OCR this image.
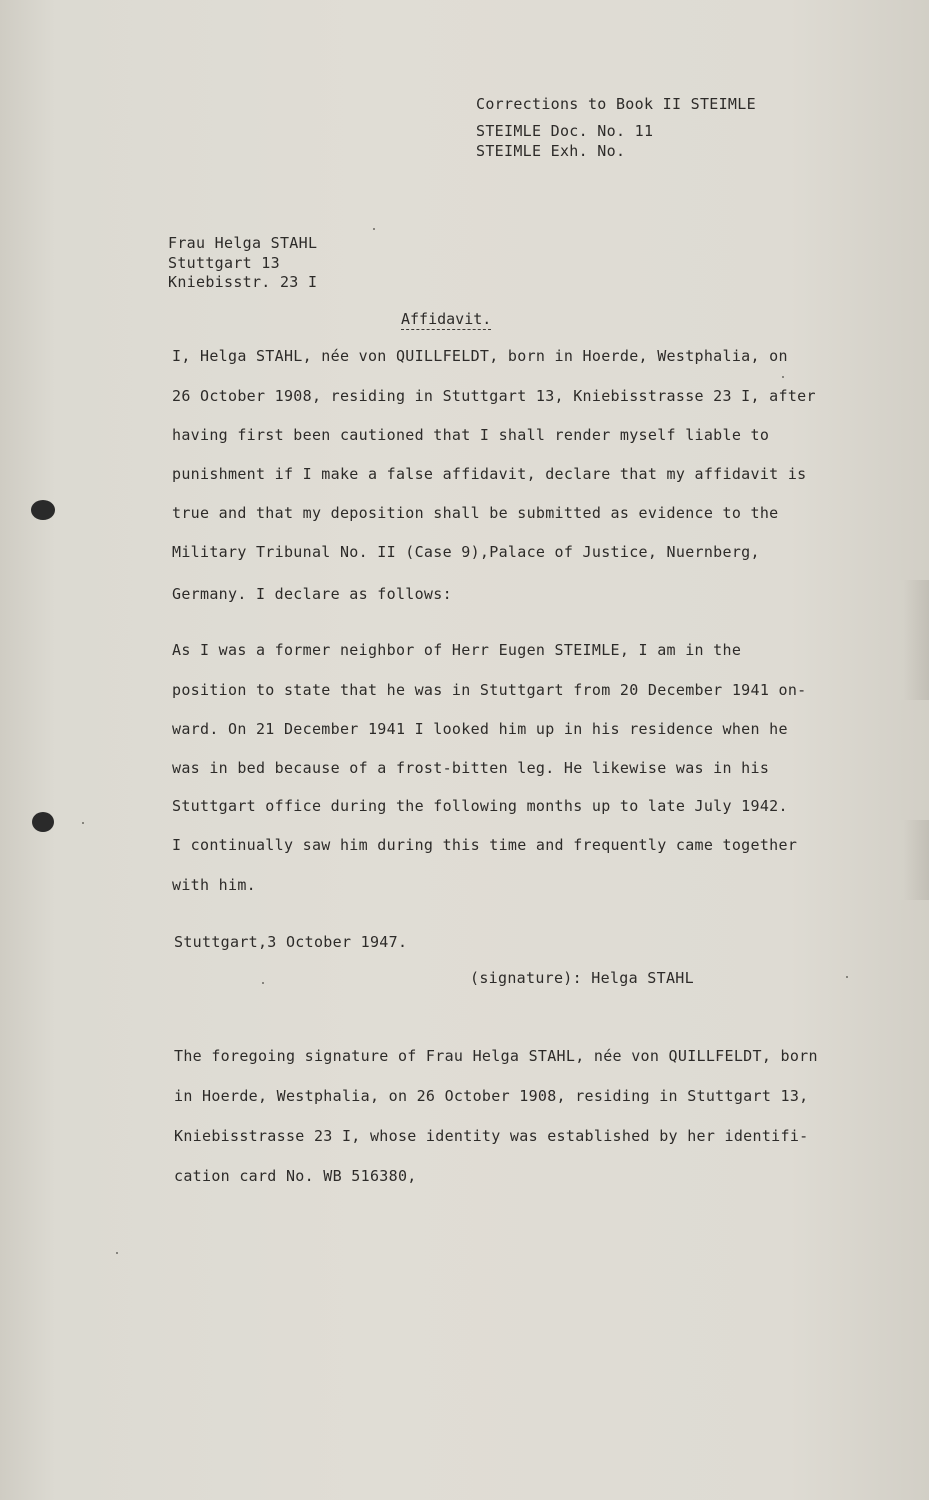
Corrections to Book II STEIMLE
STEIMLE Doc. No. 11
STEIMLE Exh. No.
Frau Helga STAHL
Stuttgart 13
Kniebisstr. 23 I
Affidavit.
I, Helga STAHL, née von QUILLFELDT, born in Hoerde, Westphalia, on
26 October 1908, residing in Stuttgart 13, Kniebisstrasse 23 I, after
having first been cautioned that I shall render myself liable to
punishment if I make a false affidavit, declare that my affidavit is
true and that my deposition shall be submitted as evidence to the
Military Tribunal No. II (Case 9),Palace of Justice, Nuernberg,
Germany. I declare as follows:
As I was a former neighbor of Herr Eugen STEIMLE, I am in the
position to state that he was in Stuttgart from 20 December 1941 on-
ward. On 21 December 1941 I looked him up in his residence when he
was in bed because of a frost-bitten leg. He likewise was in his
Stuttgart office during the following months up to late July 1942.
I continually saw him during this time and frequently came together
with him.
Stuttgart,3 October 1947.
(signature): Helga STAHL
The foregoing signature of Frau Helga STAHL, née von QUILLFELDT, born
in Hoerde, Westphalia, on 26 October 1908, residing in Stuttgart 13,
Kniebisstrasse 23 I, whose identity was established by her identifi-
cation card No. WB 516380,
